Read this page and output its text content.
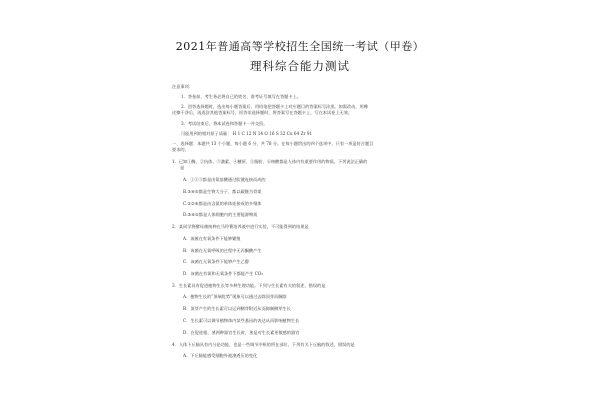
2021年普通高等学校招生全国统一考试（甲卷）
理科综合能力测试
注意事项：
1．答卷前，考生务必将自己的姓名、准考证号填写在答题卡上。
2．回答选择题时，选出每小题答案后，用铅笔把答题卡上对应题目的答案标号涂黑。如需改动，用橡
皮擦干净后，再选涂其他答案标号。回答非选择题时，将答案写在答题卡上，写在本试卷上无效。
3．考试结束后，将本试卷和答题卡一并交回。
可能用到的相对原子质量： H 1 C 12 N 14 O 16 S 32 Cu 64 Zr 91
一、选择题：本题共 13 个小题，每小题 6 分，共 78 分。在每小题给出的四个选项中，只有一项是符合题目
要求的。
1．已知①酶、②抗体、③激素、④糖原、⑤脂肪、⑥核酸都是人体内有重要作用的物质。下列说法正确的
是
A．①②③都是由氨基酸通过肽键连接而成的
B.③④⑤都是生物大分子，都以碳链为骨架
C.①②⑥都是由含氮的单体连接成的多聚体
D.③④⑤都是人体细胞内的主要能源物质
2．某同学将酵母菌接种在马铃薯培养液中进行实验，不可能得到的结果是
A．该菌在有氧条件下能够繁殖
B．该菌在无氧呼吸的过程中无丙酮酸产生
C．该菌在无氧条件下能够产生乙醇
D．该菌在有氧和无氧条件下都能产生 CO₂
3．生长素具有促进植物生长等多种生理功能。下列与生长素有关的叙述，错误的是
A．植物生长的“顶端优势”现象可以通过去除顶芽而解除
B．顶芽产生的生长素可以运到侧芽附近从而抑制侧芽生长
C．生长素可以调节植物体内某些基因的表达从而影响植物生长
D．在促进根、茎两种器官生长时，茎是对生长素更敏感的器官
4．人体下丘脑具有内分泌功能，也是一些调节中枢的所在部位，下列有关下丘脑的叙述，错误的是
A．下丘脑能感受细胞外液渗透压的变化
